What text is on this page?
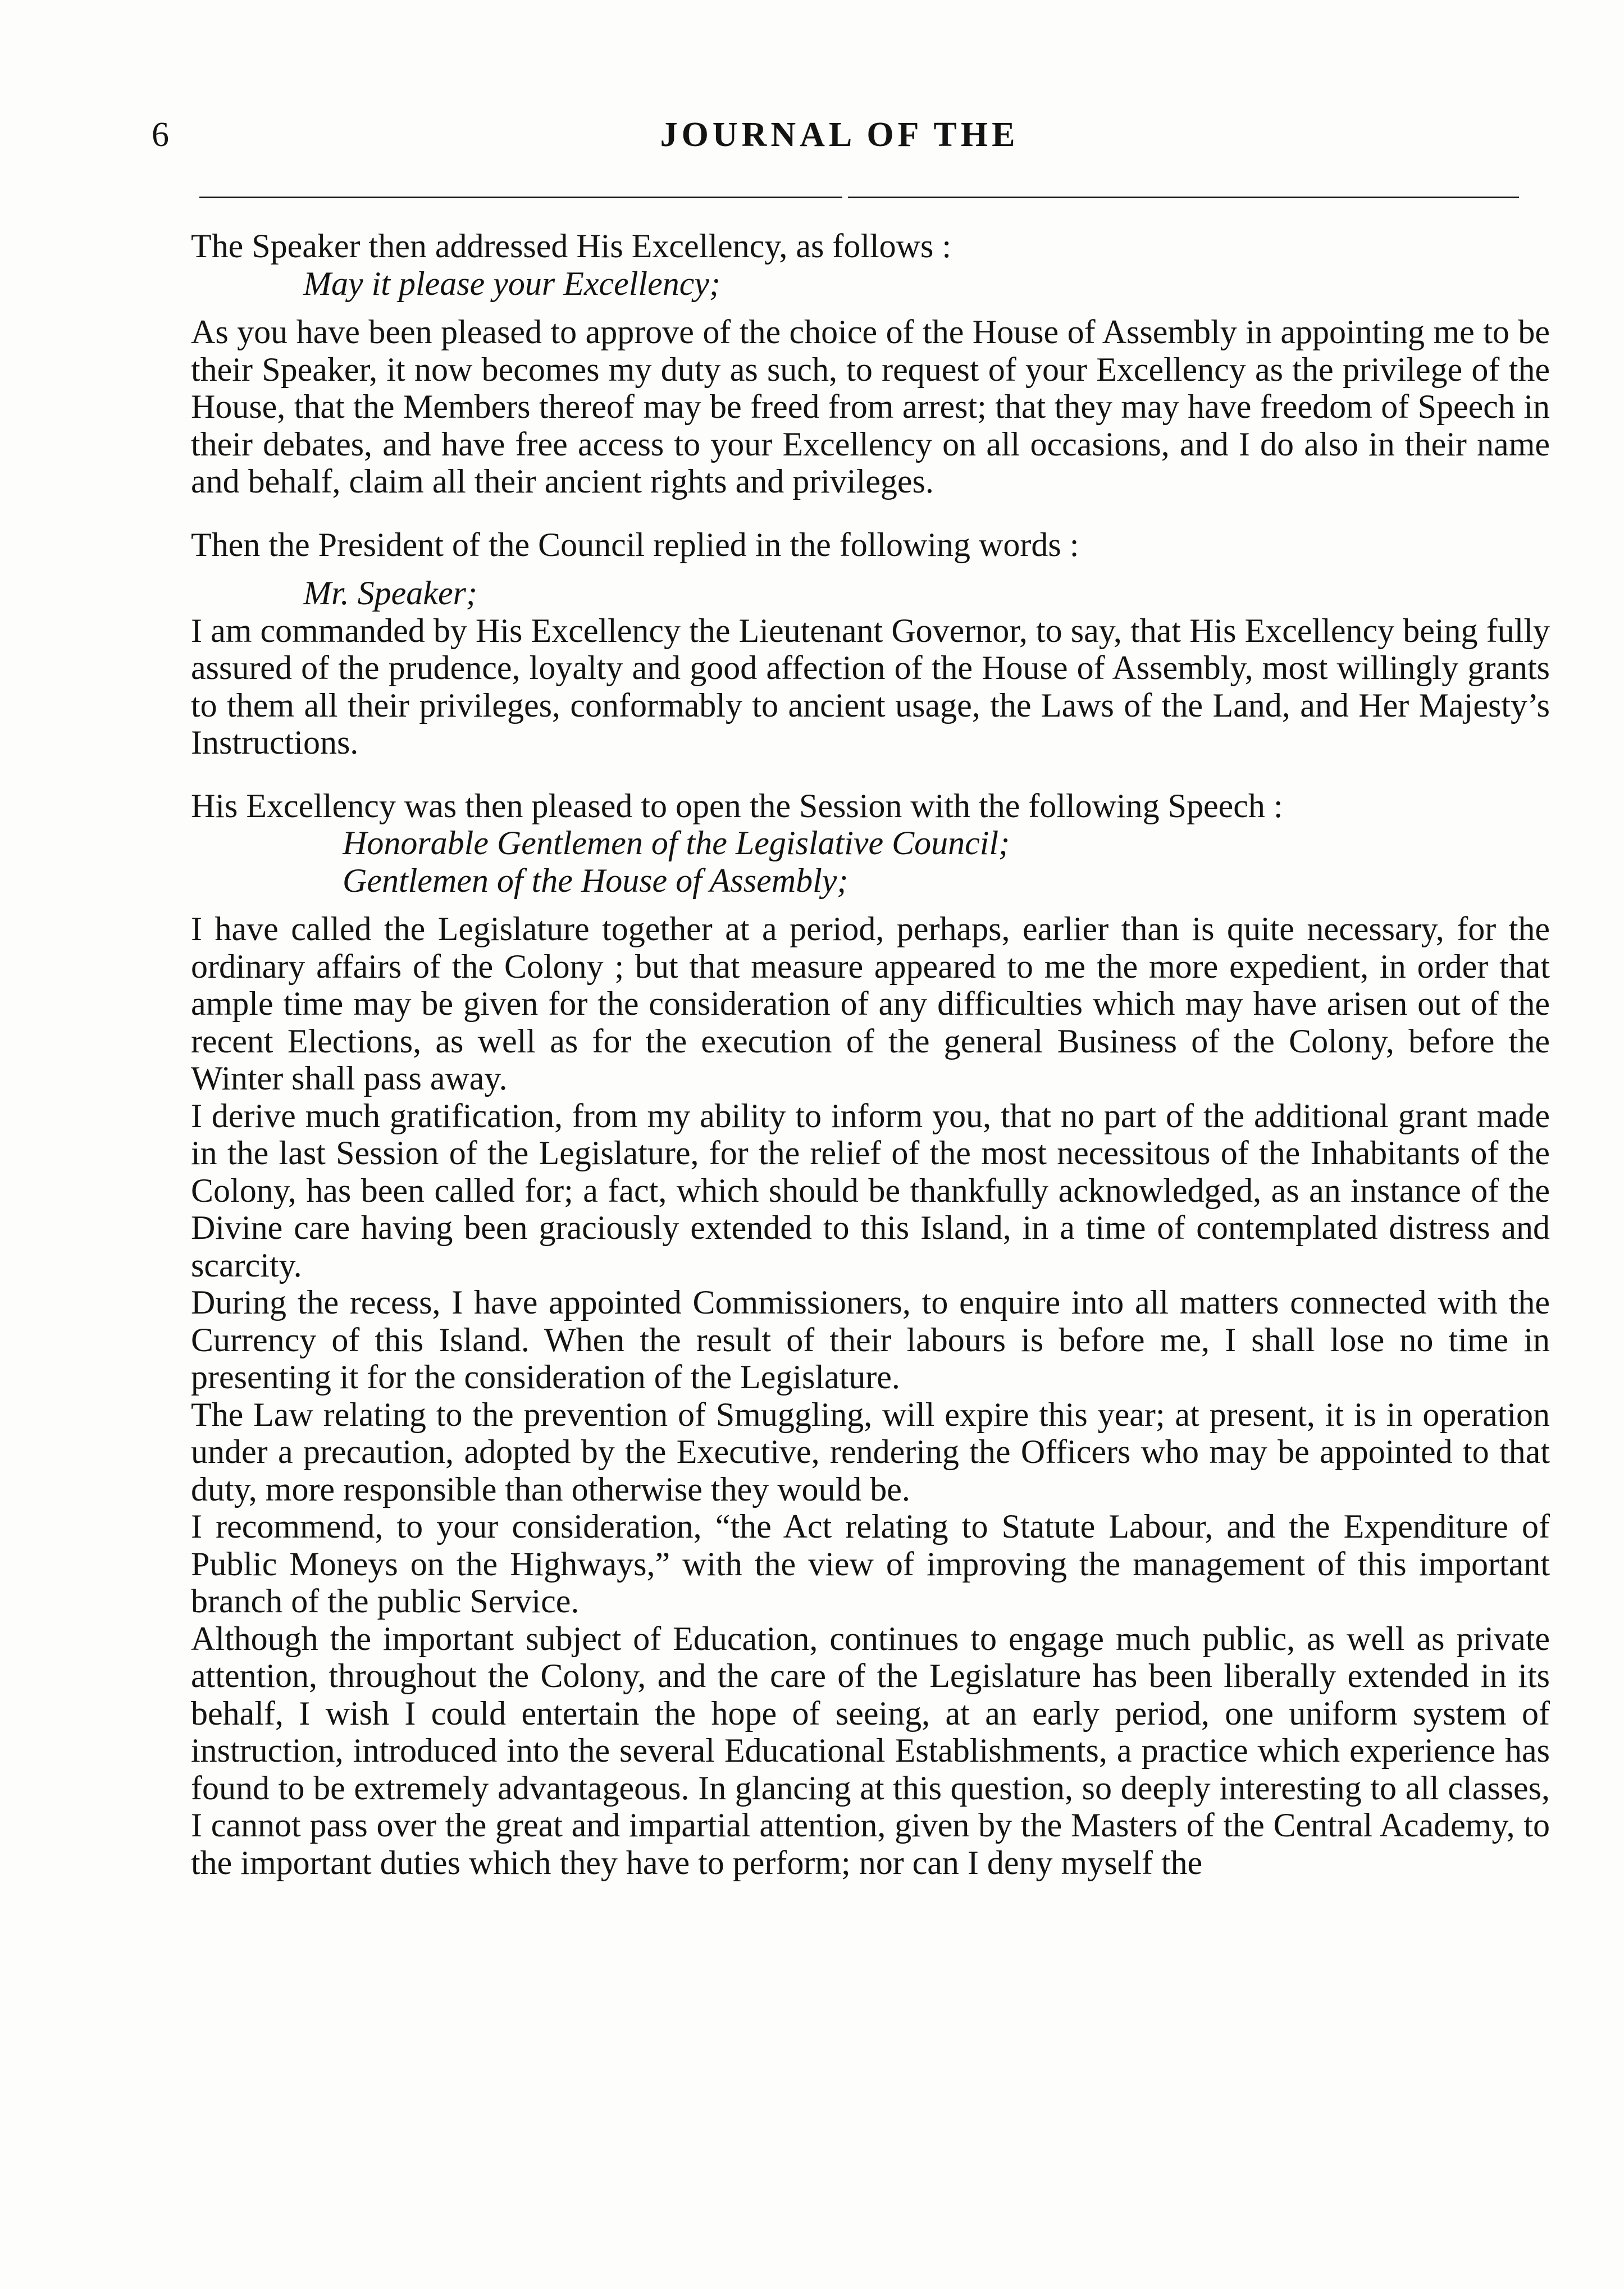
6	JOURNAL OF THE

The Speaker then addressed His Excellency, as follows :

May it please your Excellency;

As you have been pleased to approve of the choice of the House of Assembly in appointing me to be their Speaker, it now becomes my duty as such, to request of your Excellency as the privilege of the House, that the Members thereof may be freed from arrest; that they may have freedom of Speech in their debates, and have free access to your Excellency on all occasions, and I do also in their name and behalf, claim all their ancient rights and privileges.

Then the President of the Council replied in the following words :

Mr. Speaker;

I am commanded by His Excellency the Lieutenant Governor, to say, that His Excellency being fully assured of the prudence, loyalty and good affection of the House of Assembly, most willingly grants to them all their privileges, conformably to ancient usage, the Laws of the Land, and Her Majesty’s Instructions.

His Excellency was then pleased to open the Session with the following Speech :

Honorable Gentlemen of the Legislative Council;

Gentlemen of the House of Assembly;

I have called the Legislature together at a period, perhaps, earlier than is quite necessary, for the ordinary affairs of the Colony ; but that measure appeared to me the more expedient, in order that ample time may be given for the consideration of any difficulties which may have arisen out of the recent Elections, as well as for the execution of the general Business of the Colony, before the Winter shall pass away.

I derive much gratification, from my ability to inform you, that no part of the additional grant made in the last Session of the Legislature, for the relief of the most necessitous of the Inhabitants of the Colony, has been called for; a fact, which should be thankfully acknowledged, as an instance of the Divine care having been graciously extended to this Island, in a time of contemplated distress and scarcity.

During the recess, I have appointed Commissioners, to enquire into all matters connected with the Currency of this Island. When the result of their labours is before me, I shall lose no time in presenting it for the consideration of the Legislature.

The Law relating to the prevention of Smuggling, will expire this year; at present, it is in operation under a precaution, adopted by the Executive, rendering the Officers who may be appointed to that duty, more responsible than otherwise they would be.

I recommend, to your consideration, “the Act relating to Statute Labour, and the Expenditure of Public Moneys on the Highways,” with the view of improving the management of this important branch of the public Service.

Although the important subject of Education, continues to engage much public, as well as private attention, throughout the Colony, and the care of the Legislature has been liberally extended in its behalf, I wish I could entertain the hope of seeing, at an early period, one uniform system of instruction, introduced into the several Educational Establishments, a practice which experience has found to be extremely advantageous. In glancing at this question, so deeply interesting to all classes, I cannot pass over the great and impartial attention, given by the Masters of the Central Academy, to the important duties which they have to perform; nor can I deny myself the
